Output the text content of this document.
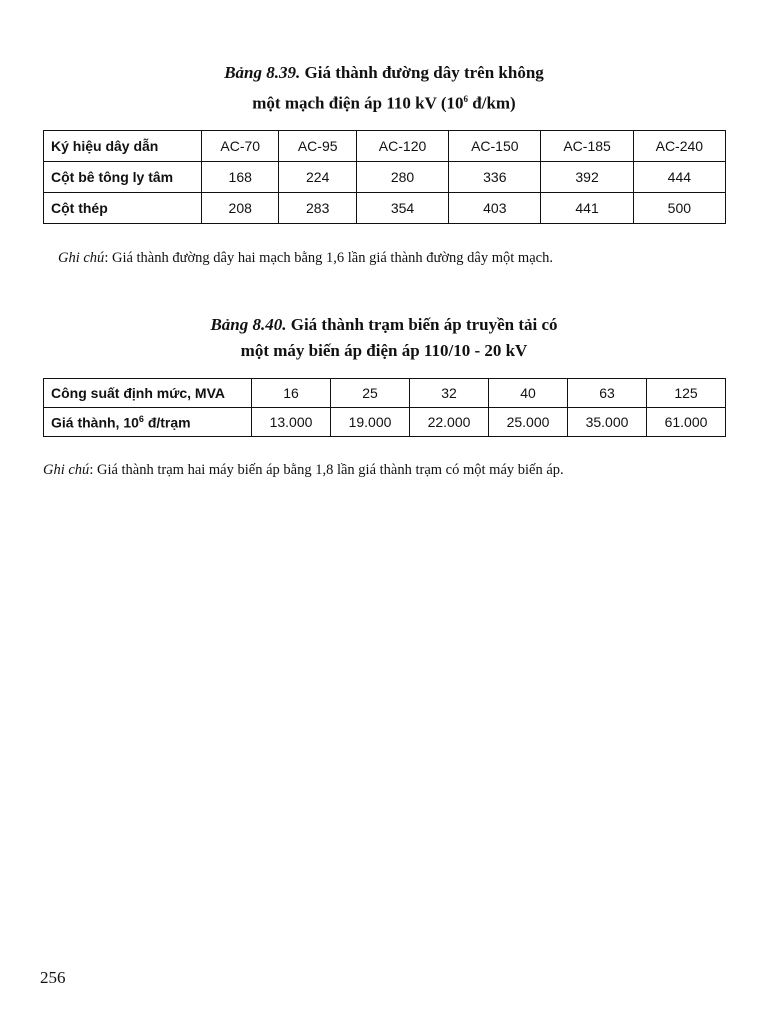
Bảng 8.39. Giá thành đường dây trên không
một mạch điện áp 110 kV ($10^6$ đ/km)
Ký hiệu dây dẫn	AC-70	AC-95	AC-120	AC-150	AC-185	AC-240
Cột bê tông ly tâm	168	224	280	336	392	444
Cột thép	208	283	354	403	441	500
Ghi chú: Giá thành đường dây hai mạch bằng 1,6 lần giá thành đường dây một mạch.
Bảng 8.40. Giá thành trạm biến áp truyền tải có
một máy biến áp điện áp 110/10 - 20 kV
Công suất định mức, MVA	16	25	32	40	63	125
Giá thành, $10^6$ đ/trạm	13.000	19.000	22.000	25.000	35.000	61.000
Ghi chú: Giá thành trạm hai máy biến áp bằng 1,8 lần giá thành trạm có một máy biến áp.
256
